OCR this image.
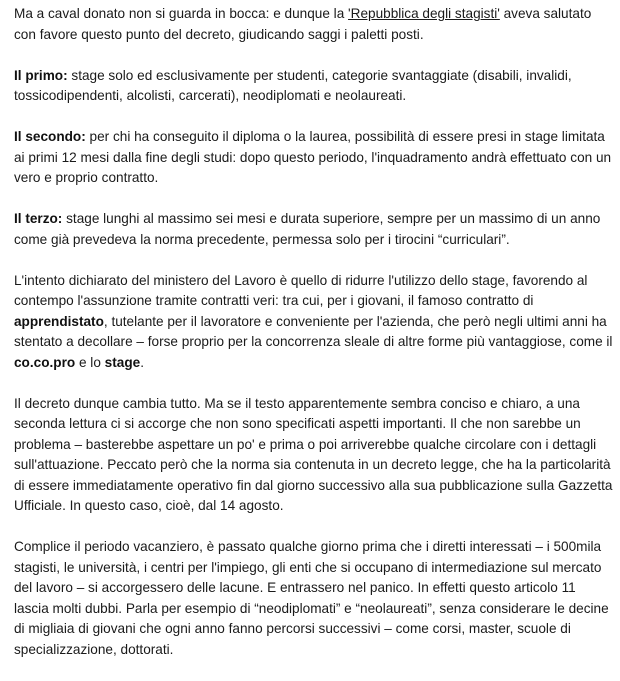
Ma a caval donato non si guarda in bocca: e dunque la 'Repubblica degli stagisti' aveva salutato con favore questo punto del decreto, giudicando saggi i paletti posti.

Il primo: stage solo ed esclusivamente per studenti, categorie svantaggiate (disabili, invalidi, tossicodipendenti, alcolisti, carcerati), neodiplomati e neolaureati.

Il secondo: per chi ha conseguito il diploma o la laurea, possibilità di essere presi in stage limitata ai primi 12 mesi dalla fine degli studi: dopo questo periodo, l'inquadramento andrà effettuato con un vero e proprio contratto.

Il terzo: stage lunghi al massimo sei mesi e durata superiore, sempre per un massimo di un anno come già prevedeva la norma precedente, permessa solo per i tirocini “curriculari”.

L'intento dichiarato del ministero del Lavoro è quello di ridurre l'utilizzo dello stage, favorendo al contempo l'assunzione tramite contratti veri: tra cui, per i giovani, il famoso contratto di apprendistato, tutelante per il lavoratore e conveniente per l'azienda, che però negli ultimi anni ha stentato a decollare – forse proprio per la concorrenza sleale di altre forme più vantaggiose, come il co.co.pro e lo stage.

Il decreto dunque cambia tutto. Ma se il testo apparentemente sembra conciso e chiaro, a una seconda lettura ci si accorge che non sono specificati aspetti importanti. Il che non sarebbe un problema – basterebbe aspettare un po' e prima o poi arriverebbe qualche circolare con i dettagli sull'attuazione. Peccato però che la norma sia contenuta in un decreto legge, che ha la particolarità di essere immediatamente operativo fin dal giorno successivo alla sua pubblicazione sulla Gazzetta Ufficiale. In questo caso, cioè, dal 14 agosto.

Complice il periodo vacanziero, è passato qualche giorno prima che i diretti interessati – i 500mila stagisti, le università, i centri per l'impiego, gli enti che si occupano di intermediazione sul mercato del lavoro – si accorgessero delle lacune. E entrassero nel panico. In effetti questo articolo 11 lascia molti dubbi. Parla per esempio di “neodiplomati” e “neolaureati”, senza considerare le decine di migliaia di giovani che ogni anno fanno percorsi successivi – come corsi, master, scuole di specializzazione, dottorati.
